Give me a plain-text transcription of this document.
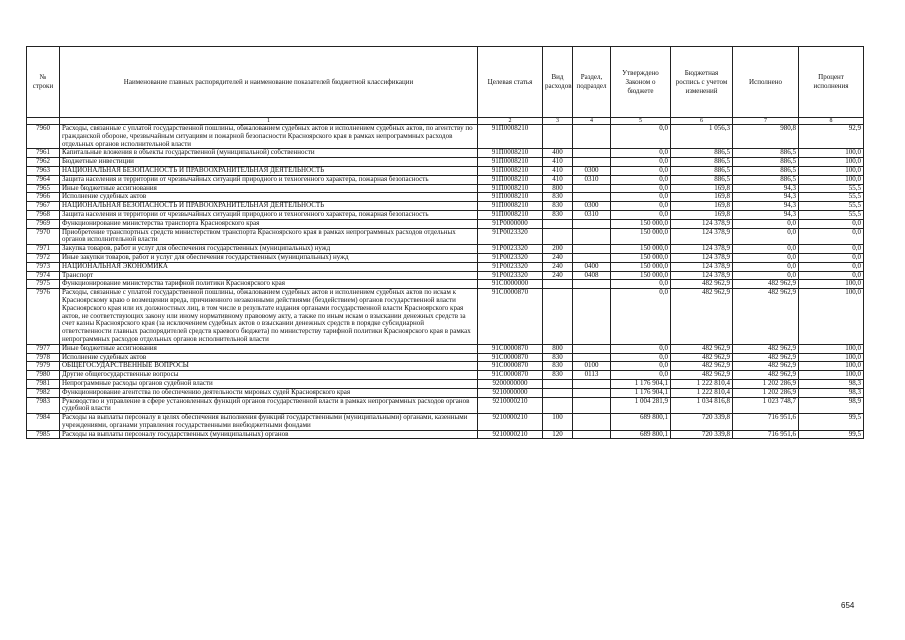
№ строки	Наименование главных распорядителей и наименование показателей бюджетной классификации	Целевая статья	Вид расходов	Раздел, подраздел	Утверждено Законом о бюджете	Бюджетная роспись с учетом изменений	Исполнено	Процент исполнения
	1	2	3	4	5	6	7	8
7960	Расходы, связанные с уплатой государственной пошлины, обжалованием судебных актов и исполнением судебных актов, по агентству по гражданской обороне, чрезвычайным ситуациям и пожарной безопасности Красноярского края в рамках непрограммных расходов отдельных органов исполнительной власти	91П0008210			0,0	1 056,3	980,8	92,9
7961	Капитальные вложения в объекты государственной (муниципальной) собственности	91П0008210	400		0,0	886,5	886,5	100,0
7962	Бюджетные инвестиции	91П0008210	410		0,0	886,5	886,5	100,0
7963	НАЦИОНАЛЬНАЯ БЕЗОПАСНОСТЬ И ПРАВООХРАНИТЕЛЬНАЯ ДЕЯТЕЛЬНОСТЬ	91П0008210	410	0300	0,0	886,5	886,5	100,0
7964	Защита населения и территории от чрезвычайных ситуаций природного и техногенного характера, пожарная безопасность	91П0008210	410	0310	0,0	886,5	886,5	100,0
7965	Иные бюджетные ассигнования	91П0008210	800		0,0	169,8	94,3	55,5
7966	Исполнение судебных актов	91П0008210	830		0,0	169,8	94,3	55,5
7967	НАЦИОНАЛЬНАЯ БЕЗОПАСНОСТЬ И ПРАВООХРАНИТЕЛЬНАЯ ДЕЯТЕЛЬНОСТЬ	91П0008210	830	0300	0,0	169,8	94,3	55,5
7968	Защита населения и территории от чрезвычайных ситуаций природного и техногенного характера, пожарная безопасность	91П0008210	830	0310	0,0	169,8	94,3	55,5
7969	Функционирование министерства транспорта Красноярского края	91Р0000000			150 000,0	124 378,9	0,0	0,0
7970	Приобретение транспортных средств министерством транспорта Красноярского края в рамках непрограммных расходов отдельных органов исполнительной власти	91Р0023320			150 000,0	124 378,9	0,0	0,0
7971	Закупка товаров, работ и услуг для обеспечения государственных (муниципальных) нужд	91Р0023320	200		150 000,0	124 378,9	0,0	0,0
7972	Иные закупки товаров, работ и услуг для обеспечения государственных (муниципальных) нужд	91Р0023320	240		150 000,0	124 378,9	0,0	0,0
7973	НАЦИОНАЛЬНАЯ ЭКОНОМИКА	91Р0023320	240	0400	150 000,0	124 378,9	0,0	0,0
7974	Транспорт	91Р0023320	240	0408	150 000,0	124 378,9	0,0	0,0
7975	Функционирование министерства тарифной политики Красноярского края	91С0000000			0,0	482 962,9	482 962,9	100,0
7976	Расходы, связанные с уплатой государственной пошлины, обжалованием судебных актов и исполнением судебных актов по искам к Красноярскому краю о возмещении вреда, причиненного незаконными действиями (бездействием) органов государственной власти Красноярского края или их должностных лиц, в том числе в результате издания органами государственной власти Красноярского края актов, не соответствующих закону или иному нормативному правовому акту, а также по иным искам о взыскании денежных средств за счет казны Красноярского края (за исключением судебных актов о взыскании денежных средств в порядке субсидиарной ответственности главных распорядителей средств краевого бюджета) по министерству тарифной политики Красноярского края в рамках непрограммных расходов отдельных органов исполнительной власти	91С0000870			0,0	482 962,9	482 962,9	100,0
7977	Иные бюджетные ассигнования	91С0000870	800		0,0	482 962,9	482 962,9	100,0
7978	Исполнение судебных актов	91С0000870	830		0,0	482 962,9	482 962,9	100,0
7979	ОБЩЕГОСУДАРСТВЕННЫЕ ВОПРОСЫ	91С0000870	830	0100	0,0	482 962,9	482 962,9	100,0
7980	Другие общегосударственные вопросы	91С0000870	830	0113	0,0	482 962,9	482 962,9	100,0
7981	Непрограммные расходы органов судебной власти	9200000000			1 176 904,1	1 222 810,4	1 202 286,9	98,3
7982	Функционирование агентства по обеспечению деятельности мировых судей Красноярского края	9210000000			1 176 904,1	1 222 810,4	1 202 286,9	98,3
7983	Руководство и управление в сфере установленных функций органов государственной власти в рамках непрограммных расходов органов судебной власти	9210000210			1 004 281,9	1 034 816,8	1 023 748,7	98,9
7984	Расходы на выплаты персоналу в целях обеспечения выполнения функций государственными (муниципальными) органами, казенными учреждениями, органами управления государственными внебюджетными фондами	9210000210	100		689 800,1	720 339,8	716 951,6	99,5
7985	Расходы на выплаты персоналу государственных (муниципальных) органов	9210000210	120		689 800,1	720 339,8	716 951,6	99,5
654
